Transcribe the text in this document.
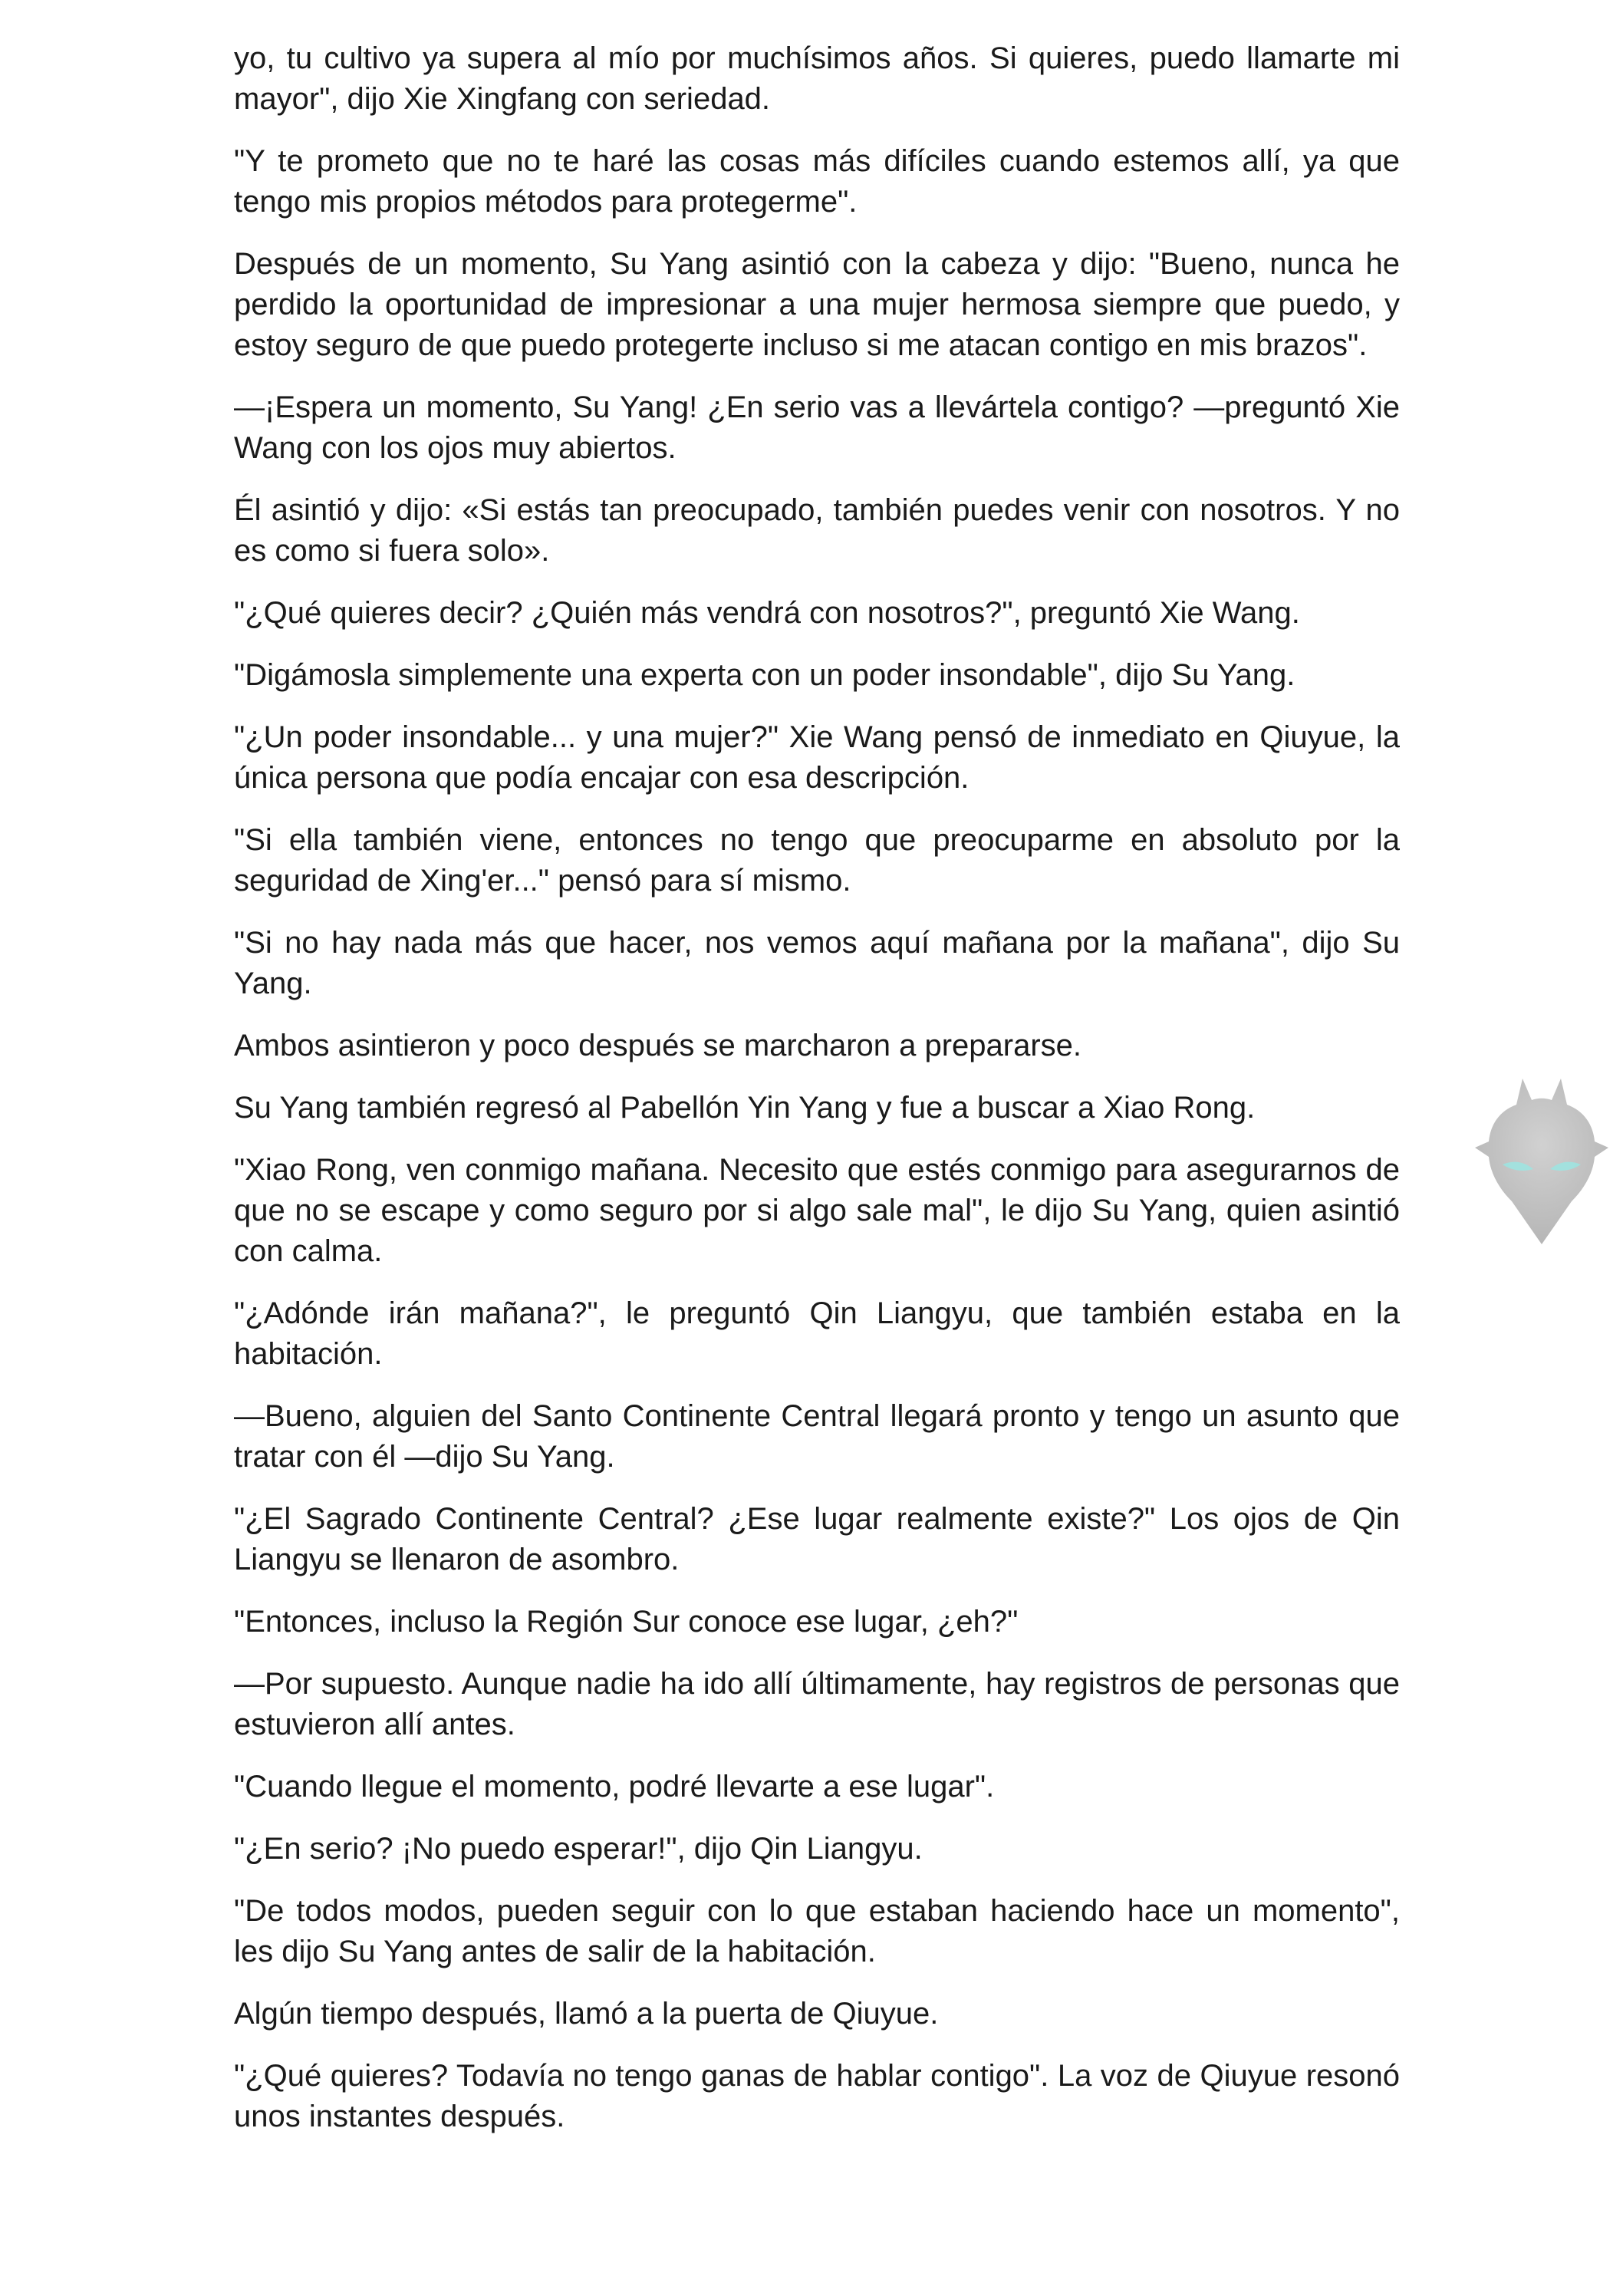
yo, tu cultivo ya supera al mío por muchísimos años. Si quieres, puedo llamarte mi mayor", dijo Xie Xingfang con seriedad.

"Y te prometo que no te haré las cosas más difíciles cuando estemos allí, ya que tengo mis propios métodos para protegerme".

Después de un momento, Su Yang asintió con la cabeza y dijo: "Bueno, nunca he perdido la oportunidad de impresionar a una mujer hermosa siempre que puedo, y estoy seguro de que puedo protegerte incluso si me atacan contigo en mis brazos".

—¡Espera un momento, Su Yang! ¿En serio vas a llevártela contigo? —preguntó Xie Wang con los ojos muy abiertos.

Él asintió y dijo: «Si estás tan preocupado, también puedes venir con nosotros. Y no es como si fuera solo».

"¿Qué quieres decir? ¿Quién más vendrá con nosotros?", preguntó Xie Wang.

"Digámosla simplemente una experta con un poder insondable", dijo Su Yang.

"¿Un poder insondable... y una mujer?" Xie Wang pensó de inmediato en Qiuyue, la única persona que podía encajar con esa descripción.

"Si ella también viene, entonces no tengo que preocuparme en absoluto por la seguridad de Xing'er..." pensó para sí mismo.

"Si no hay nada más que hacer, nos vemos aquí mañana por la mañana", dijo Su Yang.

Ambos asintieron y poco después se marcharon a prepararse.

Su Yang también regresó al Pabellón Yin Yang y fue a buscar a Xiao Rong.

"Xiao Rong, ven conmigo mañana. Necesito que estés conmigo para asegurarnos de que no se escape y como seguro por si algo sale mal", le dijo Su Yang, quien asintió con calma.

"¿Adónde irán mañana?", le preguntó Qin Liangyu, que también estaba en la habitación.

—Bueno, alguien del Santo Continente Central llegará pronto y tengo un asunto que tratar con él —dijo Su Yang.

"¿El Sagrado Continente Central? ¿Ese lugar realmente existe?" Los ojos de Qin Liangyu se llenaron de asombro.

"Entonces, incluso la Región Sur conoce ese lugar, ¿eh?"

—Por supuesto. Aunque nadie ha ido allí últimamente, hay registros de personas que estuvieron allí antes.

"Cuando llegue el momento, podré llevarte a ese lugar".

"¿En serio? ¡No puedo esperar!", dijo Qin Liangyu.

"De todos modos, pueden seguir con lo que estaban haciendo hace un momento", les dijo Su Yang antes de salir de la habitación.

Algún tiempo después, llamó a la puerta de Qiuyue.

"¿Qué quieres? Todavía no tengo ganas de hablar contigo". La voz de Qiuyue resonó unos instantes después.
